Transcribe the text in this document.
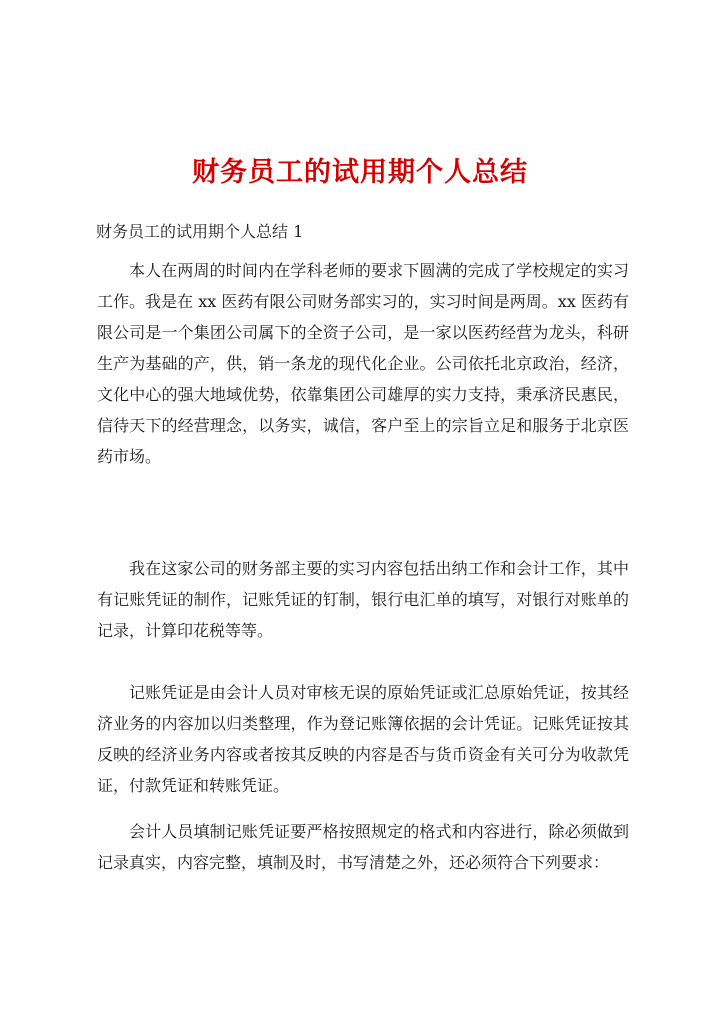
财务员工的试用期个人总结
财务员工的试用期个人总结 1

本人在两周的时间内在学科老师的要求下圆满的完成了学校规定的实习工作。我是在 xx 医药有限公司财务部实习的，实习时间是两周。xx 医药有限公司是一个集团公司属下的全资子公司，是一家以医药经营为龙头，科研生产为基础的产，供，销一条龙的现代化企业。公司依托北京政治，经济，文化中心的强大地域优势，依靠集团公司雄厚的实力支持，秉承济民惠民，信待天下的经营理念，以务实，诚信，客户至上的宗旨立足和服务于北京医药市场。

我在这家公司的财务部主要的实习内容包括出纳工作和会计工作，其中有记账凭证的制作，记账凭证的钉制，银行电汇单的填写，对银行对账单的记录，计算印花税等等。

记账凭证是由会计人员对审核无误的原始凭证或汇总原始凭证，按其经济业务的内容加以归类整理，作为登记账簿依据的会计凭证。记账凭证按其反映的经济业务内容或者按其反映的内容是否与货币资金有关可分为收款凭证，付款凭证和转账凭证。

会计人员填制记账凭证要严格按照规定的格式和内容进行，除必须做到记录真实，内容完整，填制及时，书写清楚之外，还必须符合下列要求：
